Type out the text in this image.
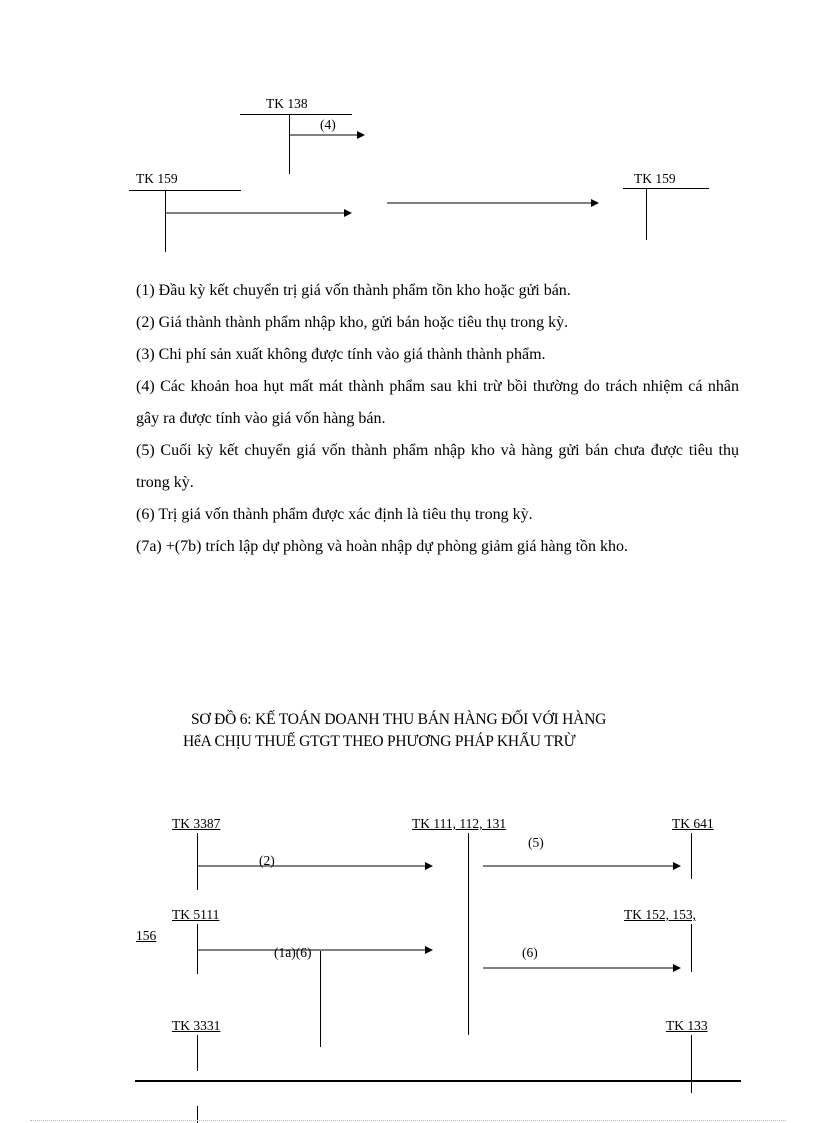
TK 138
(4)
TK 159	TK 159

(1) Đầu kỳ kết chuyển trị giá vốn thành phẩm tồn kho hoặc gửi bán.

(2) Giá thành thành phẩm nhập kho, gửi bán hoặc tiêu thụ trong kỳ.

(3) Chi phí sản xuất không được tính vào giá thành thành phẩm.

(4) Các khoản hoa hụt mất mát thành phẩm sau khi trừ bồi thường do trách nhiệm cá nhân gây ra được tính vào giá vốn hàng bán.

(5) Cuối kỳ kết chuyển giá vốn thành phẩm nhập kho và hàng gửi bán chưa được tiêu thụ trong kỳ.

(6) Trị giá vốn thành phẩm được xác định là tiêu thụ trong kỳ.

(7a) +(7b) trích lập dự phòng và hoàn nhập dự phòng giảm giá hàng tồn kho.

SƠ ĐỒ 6: KẾ TOÁN DOANH THU BÁN HÀNG ĐỐI VỚI HÀNG
HểA CHỊU THUẾ GTGT THEO PHƯƠNG PHÁP KHẤU TRỪ
TK 3387	TK 111, 112, 131	TK 641
(2)
(5)
TK 5111	TK 152, 153,
156
(1a)(6)	(6)
TK 3331	TK 133
